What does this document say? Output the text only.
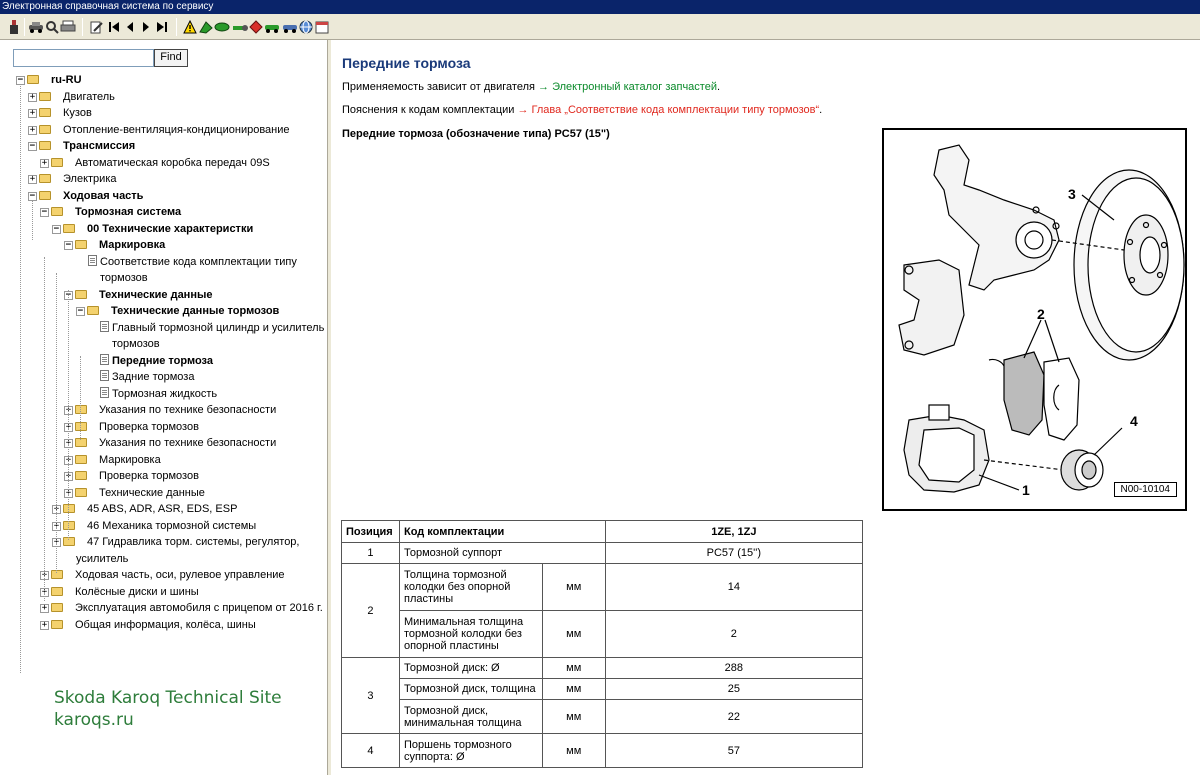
Электронная справочная система по сервису
Find
−	ru-RU
+	Двигатель
+	Кузов
+	Отопление-вентиляция-кондиционирование
−	Трансмиссия
+	Автоматическая коробка передач 09S
+	Электрика
−	Ходовая часть
−	Тормозная система
−	00 Технические характеристки
−	Маркировка
Соответствие кода комплектации типу
тормозов
−	Технические данные
−	Технические данные тормозов
Главный тормозной цилиндр и усилитель
тормозов
Передние тормоза
Задние тормоза
Тормозная жидкость
+	Указания по технике безопасности
+	Проверка тормозов
+	Указания по технике безопасности
+	Маркировка
+	Проверка тормозов
+	Технические данные
+	45 ABS, ADR, ASR, EDS, ESP
+	46 Механика тормозной системы
+	47 Гидравлика торм. системы, регулятор,
усилитель
+	Ходовая часть, оси, рулевое управление
+	Колёсные диски и шины
+	Эксплуатация автомобиля с прицепом от 2016 г.
+	Общая информация, колёса, шины
Skoda Karoq Technical Site
karoqs.ru
Передние тормоза
Применяемость зависит от двигателя → Электронный каталог запчастей.
Пояснения к кодам комплектации → Глава „Соответствие кода комплектации типу тормозов“.
Передние тормоза (обозначение типа) PC57 (15")
3
2
4
1	N00-10104
Позиция	Код комплектации		1ZE, 1ZJ
1	Тормозной суппорт		PC57 (15'')
2	Толщина тормозной колодки без опорной пластины	мм	14
	Минимальная толщина тормозной колодки без опорной пластины	мм	2
3	Тормозной диск: Ø	мм	288
	Тормозной диск, толщина	мм	25
	Тормозной диск, минимальная толщина	мм	22
4	Поршень тормозного суппорта: Ø	мм	57
